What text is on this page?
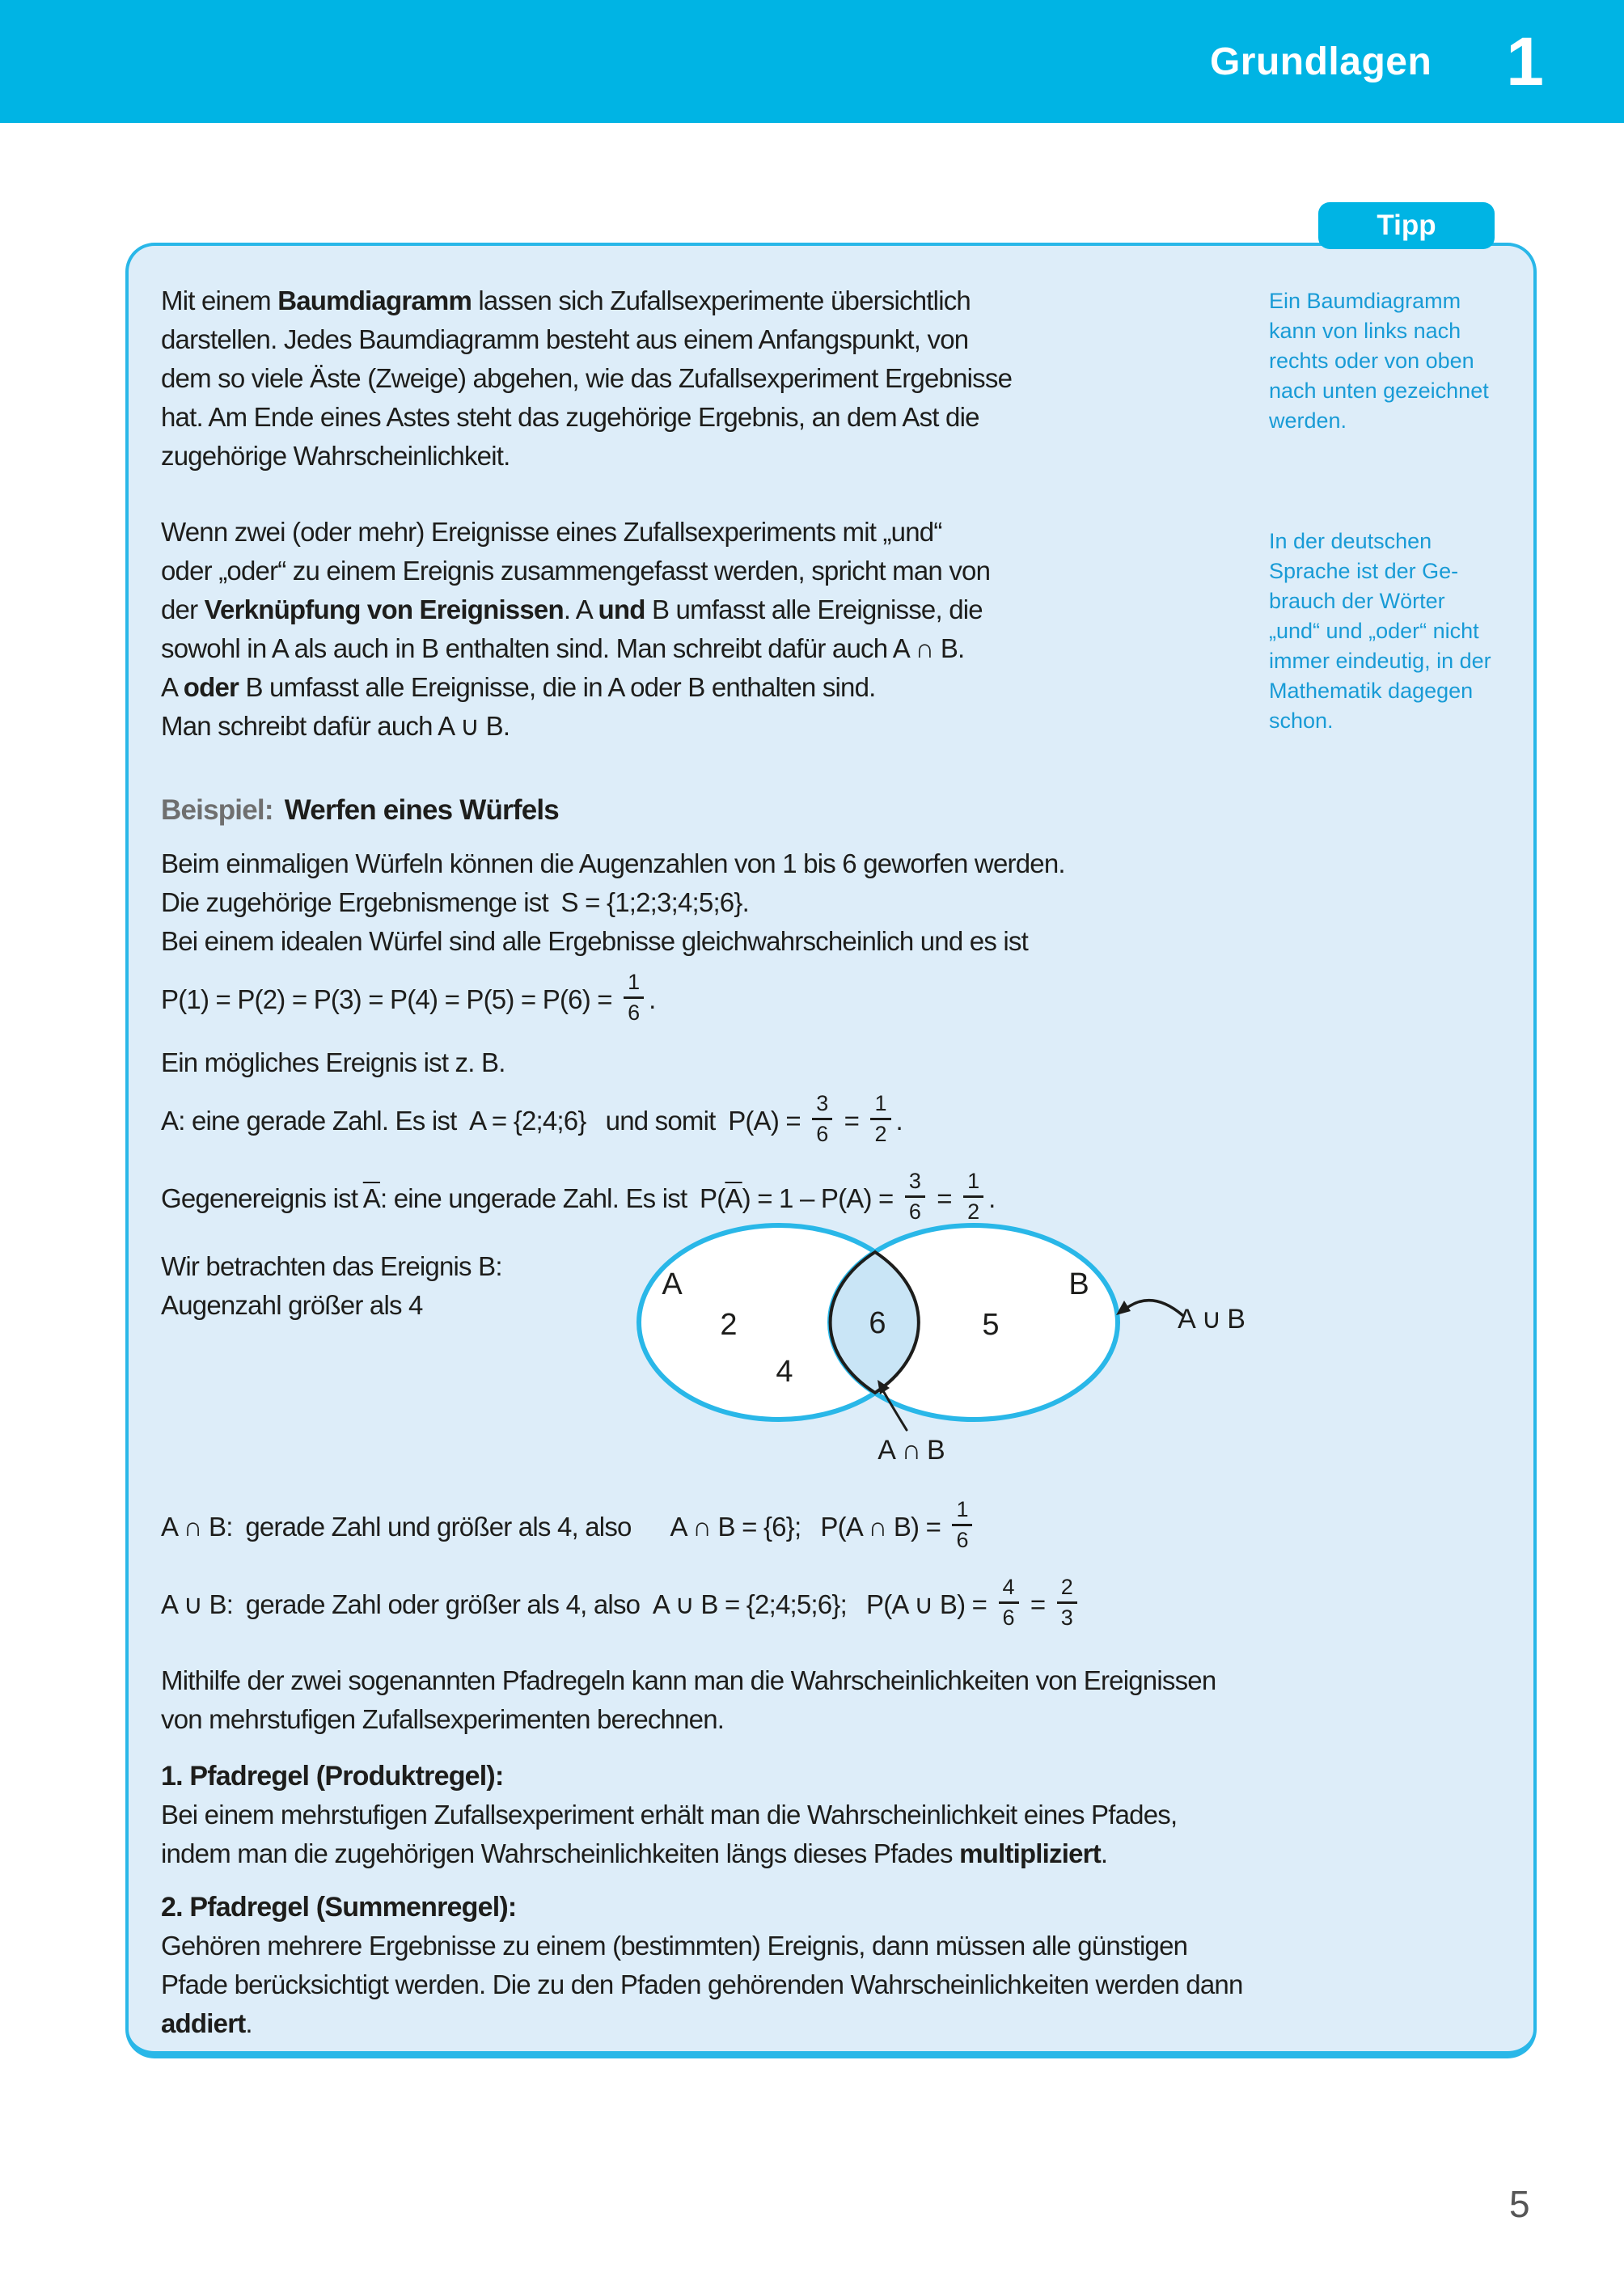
Grundlagen 1
Tipp

Mit einem Baumdiagramm lassen sich Zufallsexperimente übersichtlich
darstellen. Jedes Baumdiagramm besteht aus einem Anfangspunkt, von
dem so viele Äste (Zweige) abgehen, wie das Zufallsexperiment Ergebnisse
hat. Am Ende eines Astes steht das zugehörige Ergebnis, an dem Ast die
zugehörige Wahrscheinlichkeit.

Wenn zwei (oder mehr) Ereignisse eines Zufallsexperiments mit „und“
oder „oder“ zu einem Ereignis zusammengefasst werden, spricht man von
der Verknüpfung von Ereignissen. A und B umfasst alle Ereignisse, die
sowohl in A als auch in B enthalten sind. Man schreibt dafür auch A ∩ B.
A oder B umfasst alle Ereignisse, die in A oder B enthalten sind.
Man schreibt dafür auch A ∪ B.

Beispiel: Werfen eines Würfels
Beim einmaligen Würfeln können die Augenzahlen von 1 bis 6 geworfen werden.
Die zugehörige Ergebnismenge ist S = {1;2;3;4;5;6}.
Bei einem idealen Würfel sind alle Ergebnisse gleichwahrscheinlich und es ist
$P(1) = P(2) = P(3) = P(4) = P(5) = P(6) = \frac{1}{6}$ .
Ein mögliches Ereignis ist z. B.
A: eine gerade Zahl. Es ist A = {2;4;6}  und somit $P(A) = \frac{3}{6} = \frac{1}{2}$ .
Gegenereignis ist $\overline{A}$: eine ungerade Zahl. Es ist $P(\overline{A}) = 1 - P(A) = \frac{3}{6} = \frac{1}{2}$ .
Wir betrachten das Ereignis B:
Augenzahl größer als 4
A	B
2
4
6	5	A ∪ B
A ∩ B
A ∩ B: gerade Zahl und größer als 4, also  A ∩ B = {6};  P(A ∩ $B) = \frac{1}{6}$
A ∪ B: gerade Zahl oder größer als 4, also A ∪ B = {2;4;5;6};  P(A ∪ $B) = \frac{4}{6} = \frac{2}{3}$

Mithilfe der zwei sogenannten Pfadregeln kann man die Wahrscheinlichkeiten von Ereignissen von mehrstufigen Zufallsexperimenten berechnen.

1. Pfadregel (Produktregel):

Bei einem mehrstufigen Zufallsexperiment erhält man die Wahrscheinlichkeit eines Pfades, indem man die zugehörigen Wahrscheinlichkeiten längs dieses Pfades multipliziert.

2. Pfadregel (Summenregel):

Gehören mehrere Ergebnisse zu einem (bestimmten) Ereignis, dann müssen alle günstigen Pfade berücksichtigt werden. Die zu den Pfaden gehörenden Wahrscheinlichkeiten werden dann addiert.

Ein Baumdiagramm
kann von links nach
rechts oder von oben
nach unten gezeichnet
werden.

In der deutschen
Sprache ist der Ge-
brauch der Wörter
„und“ und „oder“ nicht
immer eindeutig, in der
Mathematik dagegen
schon.

5
